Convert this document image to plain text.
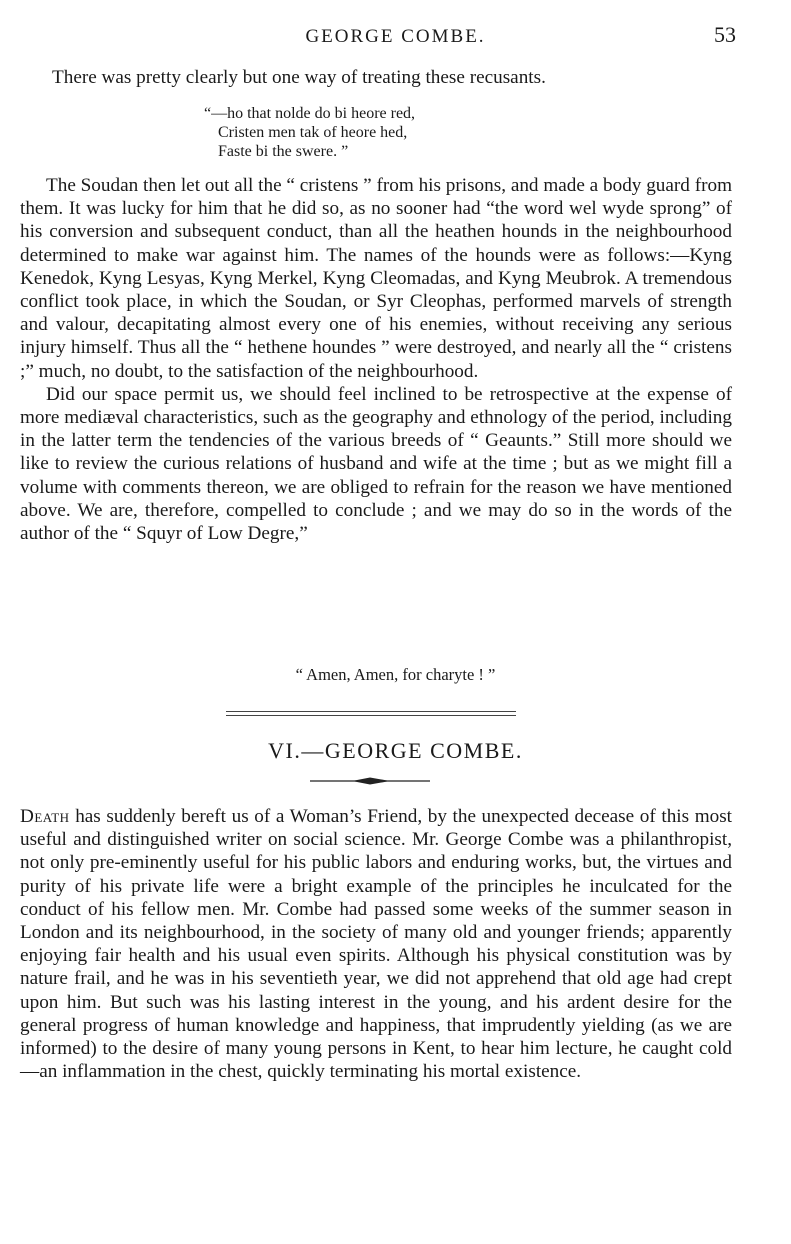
GEORGE COMBE.	53

There was pretty clearly but one way of treating these recusants.

“—ho that nolde do bi heore red,
Cristen men tak of heore hed,
Faste bi the swere. ”

The Soudan then let out all the “ cristens ” from his prisons, and made a body guard from them. It was lucky for him that he did so, as no sooner had “the word wel wyde sprong” of his conversion and subsequent conduct, than all the heathen hounds in the neighbourhood determined to make war against him. The names of the hounds were as follows:—Kyng Kenedok, Kyng Lesyas, Kyng Merkel, Kyng Cleomadas, and Kyng Meubrok. A tremendous conflict took place, in which the Soudan, or Syr Cleophas, performed marvels of strength and valour, decapitating almost every one of his enemies, without receiving any serious injury himself. Thus all the “ hethene houndes ” were destroyed, and nearly all the “ cristens ;” much, no doubt, to the satisfaction of the neighbourhood.

Did our space permit us, we should feel inclined to be retrospective at the expense of more mediæval characteristics, such as the geography and ethnology of the period, including in the latter term the tendencies of the various breeds of “ Geaunts.” Still more should we like to review the curious relations of husband and wife at the time ; but as we might fill a volume with comments thereon, we are obliged to refrain for the reason we have mentioned above. We are, therefore, compelled to conclude ; and we may do so in the words of the author of the “ Squyr of Low Degre,”

“ Amen, Amen, for charyte ! ”
VI.—GEORGE COMBE.

Death has suddenly bereft us of a Woman’s Friend, by the unexpected decease of this most useful and distinguished writer on social science. Mr. George Combe was a philanthropist, not only pre-eminently useful for his public labors and enduring works, but, the virtues and purity of his private life were a bright example of the principles he inculcated for the conduct of his fellow men. Mr. Combe had passed some weeks of the summer season in London and its neighbourhood, in the society of many old and younger friends; apparently enjoying fair health and his usual even spirits. Although his physical constitution was by nature frail, and he was in his seventieth year, we did not apprehend that old age had crept upon him. But such was his lasting interest in the young, and his ardent desire for the general progress of human knowledge and happiness, that imprudently yielding (as we are informed) to the desire of many young persons in Kent, to hear him lecture, he caught cold—an inflammation in the chest, quickly terminating his mortal existence.
